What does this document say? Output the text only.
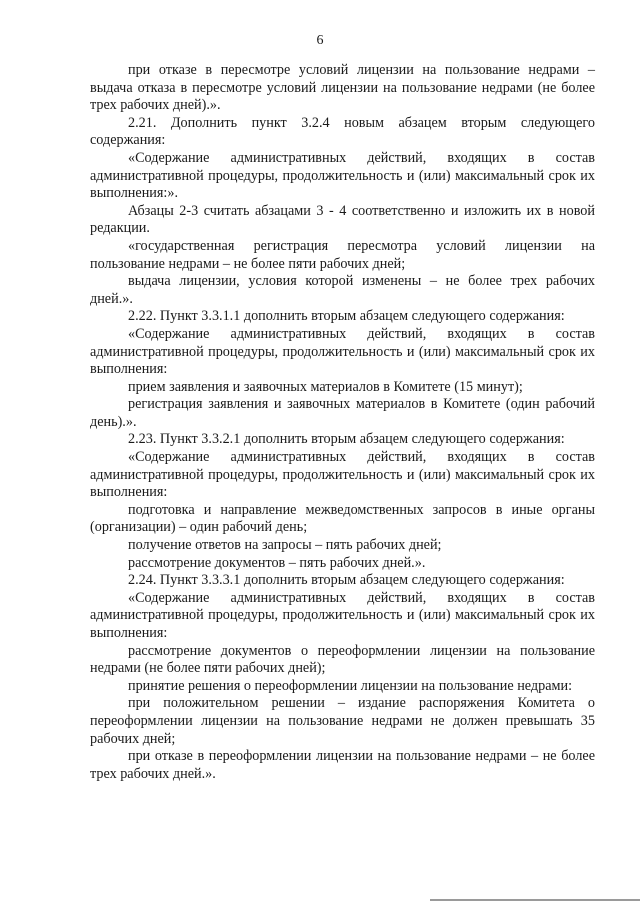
6

при отказе в пересмотре условий лицензии на пользование недрами – выдача отказа в пересмотре условий лицензии на пользование недрами (не более трех рабочих дней).».

2.21. Дополнить пункт 3.2.4 новым абзацем вторым следующего содержания:

«Содержание административных действий, входящих в состав административной процедуры, продолжительность и (или) максимальный срок их выполнения:».

Абзацы 2-3 считать абзацами 3 - 4 соответственно и изложить их в новой редакции.

«государственная регистрация пересмотра условий лицензии на пользование недрами – не более пяти рабочих дней;

выдача лицензии, условия которой изменены – не более трех рабочих дней.».

2.22. Пункт 3.3.1.1 дополнить вторым абзацем следующего содержания:

«Содержание административных действий, входящих в состав административной процедуры, продолжительность и (или) максимальный срок их выполнения:

прием заявления и заявочных материалов в Комитете (15 минут);

регистрация заявления и заявочных материалов в Комитете (один рабочий день).».

2.23. Пункт 3.3.2.1 дополнить вторым абзацем следующего содержания:

«Содержание административных действий, входящих в состав административной процедуры, продолжительность и (или) максимальный срок их выполнения:

подготовка и направление межведомственных запросов в иные органы (организации) – один рабочий день;

получение ответов на запросы – пять рабочих дней;

рассмотрение документов – пять рабочих дней.».

2.24. Пункт 3.3.3.1 дополнить вторым абзацем следующего содержания:

«Содержание административных действий, входящих в состав административной процедуры, продолжительность и (или) максимальный срок их выполнения:

рассмотрение документов о переоформлении лицензии на пользование недрами (не более пяти рабочих дней);

принятие решения о переоформлении лицензии на пользование недрами:

при положительном решении – издание распоряжения Комитета о переоформлении лицензии на пользование недрами не должен превышать 35 рабочих дней;

при отказе в переоформлении лицензии на пользование недрами – не более трех рабочих дней.».
